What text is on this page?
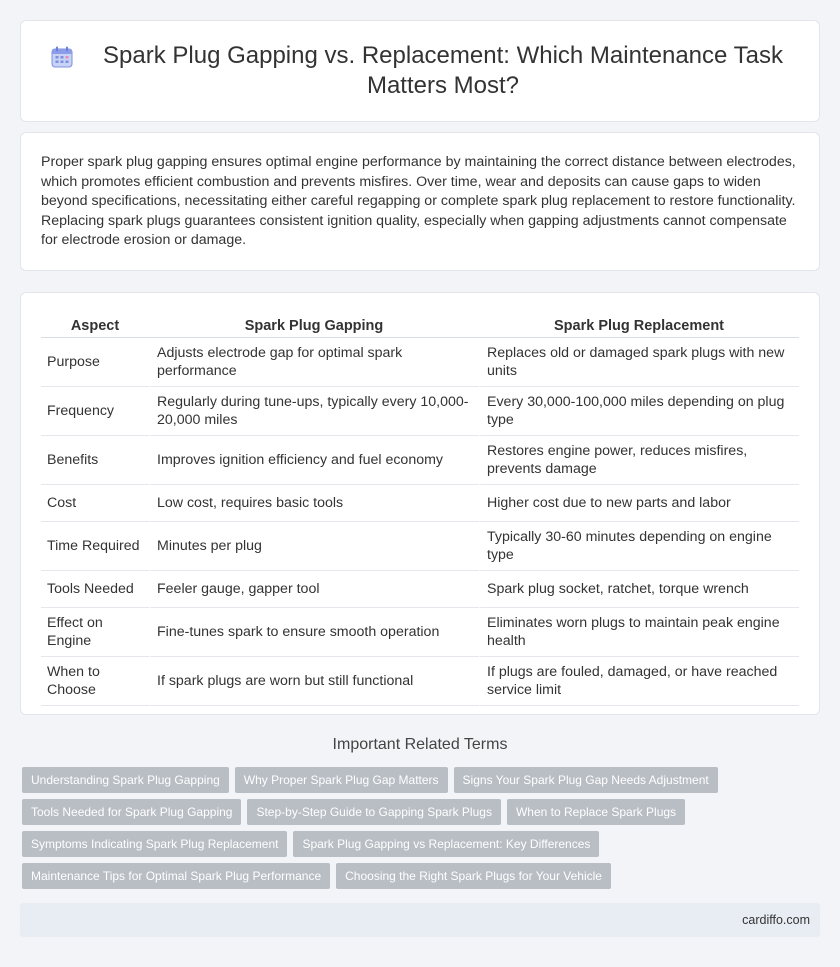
Spark Plug Gapping vs. Replacement: Which Maintenance Task Matters Most?

Proper spark plug gapping ensures optimal engine performance by maintaining the correct distance between electrodes, which promotes efficient combustion and prevents misfires. Over time, wear and deposits can cause gaps to widen beyond specifications, necessitating either careful regapping or complete spark plug replacement to restore functionality. Replacing spark plugs guarantees consistent ignition quality, especially when gapping adjustments cannot compensate for electrode erosion or damage.

Aspect	Spark Plug Gapping	Spark Plug Replacement
Purpose	Adjusts electrode gap for optimal spark performance	Replaces old or damaged spark plugs with new units
Frequency	Regularly during tune-ups, typically every 10,000-20,000 miles	Every 30,000-100,000 miles depending on plug type
Benefits	Improves ignition efficiency and fuel economy	Restores engine power, reduces misfires, prevents damage
Cost	Low cost, requires basic tools	Higher cost due to new parts and labor
Time Required	Minutes per plug	Typically 30-60 minutes depending on engine type
Tools Needed	Feeler gauge, gapper tool	Spark plug socket, ratchet, torque wrench
Effect on Engine	Fine-tunes spark to ensure smooth operation	Eliminates worn plugs to maintain peak engine health
When to Choose	If spark plugs are worn but still functional	If plugs are fouled, damaged, or have reached service limit
Important Related Terms
Understanding Spark Plug Gapping	Why Proper Spark Plug Gap Matters	Signs Your Spark Plug Gap Needs Adjustment
Tools Needed for Spark Plug Gapping	Step-by-Step Guide to Gapping Spark Plugs	When to Replace Spark Plugs
Symptoms Indicating Spark Plug Replacement	Spark Plug Gapping vs Replacement: Key Differences
Maintenance Tips for Optimal Spark Plug Performance	Choosing the Right Spark Plugs for Your Vehicle
cardiffo.com
